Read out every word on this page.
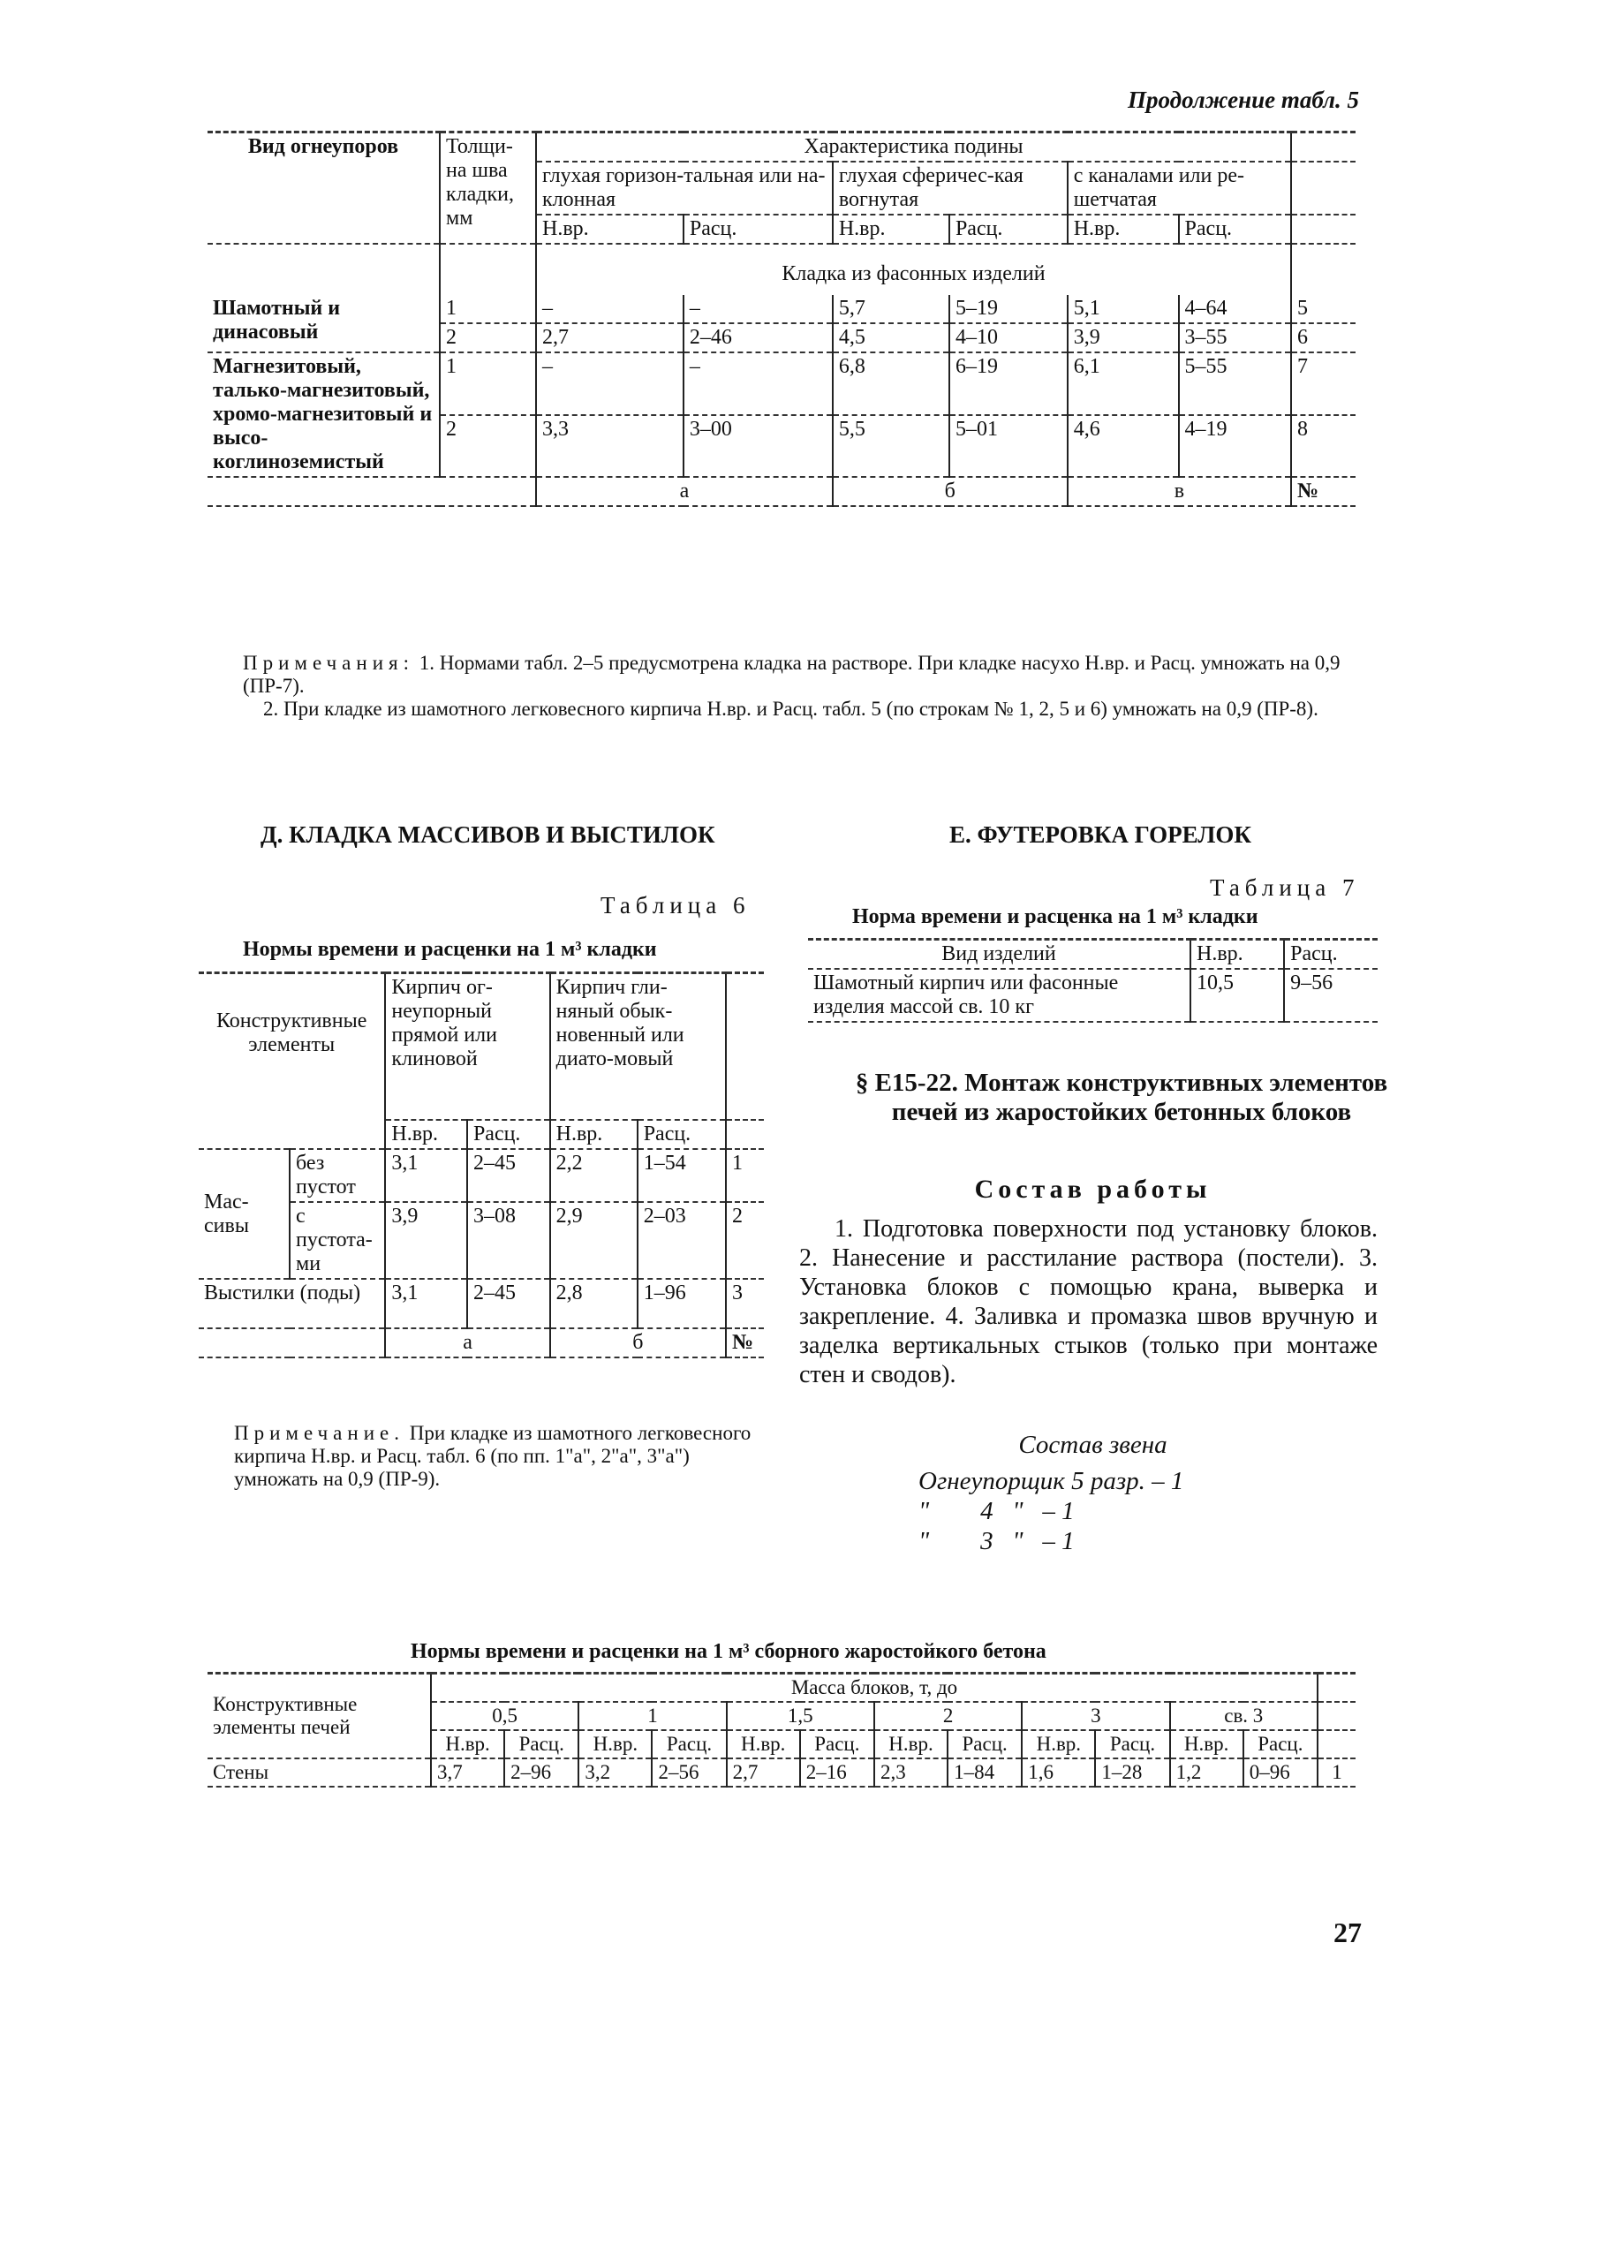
Продолжение табл. 5
Вид огнеупоров	Толщи-на шва кладки, мм	Характеристика подины						
		глухая горизон-тальная или на-клонная		глухая сферичес-кая вогнутая		с каналами или ре-шетчатая		
		Н.вр.	Расц.	Н.вр.	Расц.	Н.вр.	Расц.	
		Кладка из фасонных изделий						
Шамотный и динасовый	1	–	–	5,7	5–19	5,1	4–64	5
	2	2,7	2–46	4,5	4–10	3,9	3–55	6
Магнезитовый, талько-магнезитовый, хромо-магнезитовый и высо-коглиноземистый	1	–	–	6,8	6–19	6,1	5–55	7
	2	3,3	3–00	5,5	5–01	4,6	4–19	8
		а		б		в		№
Примечания: 1. Нормами табл. 2–5 предусмотрена кладка на растворе. При кладке насухо Н.вр. и Расц. умножать на 0,9 (ПР-7).
2. При кладке из шамотного легковесного кирпича Н.вр. и Расц. табл. 5 (по строкам № 1, 2, 5 и 6) умножать на 0,9 (ПР-8).
Д. КЛАДКА МАССИВОВ И ВЫСТИЛОК	Е. ФУТЕРОВКА ГОРЕЛОК
Таблица 6
Нормы времени и расценки на 1 м³ кладки
Конструктивные элементы		Кирпич ог-неупорный прямой или клиновой		Кирпич гли-няный обык-новенный или диато-мовый		
		Н.вр.	Расц.	Н.вр.	Расц.	
Мас-сивы	без пустот	3,1	2–45	2,2	1–54	1
	с пустота-ми	3,9	3–08	2,9	2–03	2
Выстилки (поды)		3,1	2–45	2,8	1–96	3
		а		б		№
Примечание. При кладке из шамотного легковесного кирпича Н.вр. и Расц. табл. 6 (по пп. 1"а", 2"а", 3"а") умножать на 0,9 (ПР-9).
Таблица 7
Норма времени и расценка на 1 м³ кладки
Вид изделий	Н.вр.	Расц.
Шамотный кирпич или фасонные изделия массой св. 10 кг	10,5	9–56
§ Е15-22. Монтаж конструктивных элементов печей из жаростойких бетонных блоков
Состав работы
1. Подготовка поверхности под установку блоков. 2. Нанесение и расстилание раствора (постели). 3. Установка блоков с помощью крана, выверка и закрепление. 4. Заливка и промазка швов вручную и заделка вертикальных стыков (только при монтаже стен и сводов).
Состав звена
Огнеупорщик 5 разр. – 1
"        4   "   – 1
"        3   "   – 1
Нормы времени и расценки на 1 м³ сборного жаростойкого бетона
Конструктивные элементы печей	Масса блоков, т, до												
	0,5		1		1,5		2		3		св. 3		
	Н.вр.	Расц.	Н.вр.	Расц.	Н.вр.	Расц.	Н.вр.	Расц.	Н.вр.	Расц.	Н.вр.	Расц.	
Стены	3,7	2–96	3,2	2–56	2,7	2–16	2,3	1–84	1,6	1–28	1,2	0–96	1
27
